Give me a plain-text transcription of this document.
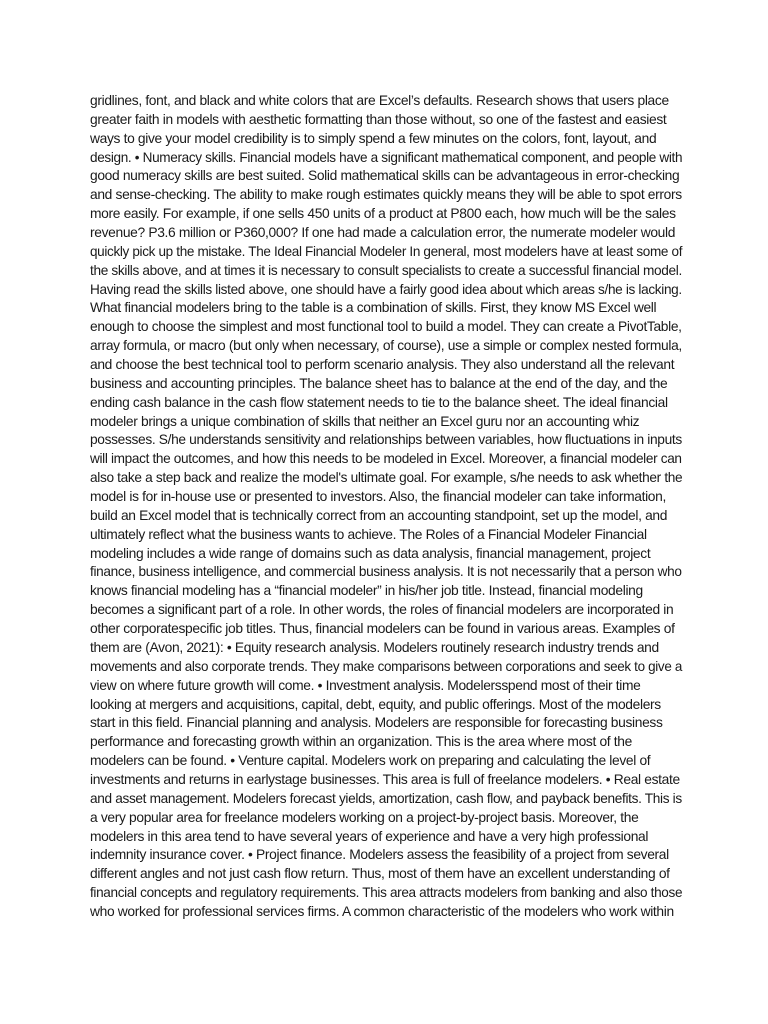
gridlines, font, and black and white colors that are Excel’s defaults. Research shows that users place
greater faith in models with aesthetic formatting than those without, so one of the fastest and easiest
ways to give your model credibility is to simply spend a few minutes on the colors, font, layout, and
design. • Numeracy skills. Financial models have a significant mathematical component, and people with
good numeracy skills are best suited. Solid mathematical skills can be advantageous in error-checking
and sense-checking. The ability to make rough estimates quickly means they will be able to spot errors
more easily. For example, if one sells 450 units of a product at P800 each, how much will be the sales
revenue? P3.6 million or P360,000? If one had made a calculation error, the numerate modeler would
quickly pick up the mistake. The Ideal Financial Modeler In general, most modelers have at least some of
the skills above, and at times it is necessary to consult specialists to create a successful financial model.
Having read the skills listed above, one should have a fairly good idea about which areas s/he is lacking.
What financial modelers bring to the table is a combination of skills. First, they know MS Excel well
enough to choose the simplest and most functional tool to build a model. They can create a PivotTable,
array formula, or macro (but only when necessary, of course), use a simple or complex nested formula,
and choose the best technical tool to perform scenario analysis. They also understand all the relevant
business and accounting principles. The balance sheet has to balance at the end of the day, and the
ending cash balance in the cash flow statement needs to tie to the balance sheet. The ideal financial
modeler brings a unique combination of skills that neither an Excel guru nor an accounting whiz
possesses. S/he understands sensitivity and relationships between variables, how fluctuations in inputs
will impact the outcomes, and how this needs to be modeled in Excel. Moreover, a financial modeler can
also take a step back and realize the model's ultimate goal. For example, s/he needs to ask whether the
model is for in-house use or presented to investors. Also, the financial modeler can take information,
build an Excel model that is technically correct from an accounting standpoint, set up the model, and
ultimately reflect what the business wants to achieve. The Roles of a Financial Modeler Financial
modeling includes a wide range of domains such as data analysis, financial management, project
finance, business intelligence, and commercial business analysis. It is not necessarily that a person who
knows financial modeling has a “financial modeler” in his/her job title. Instead, financial modeling
becomes a significant part of a role. In other words, the roles of financial modelers are incorporated in
other corporatespecific job titles. Thus, financial modelers can be found in various areas. Examples of
them are (Avon, 2021): • Equity research analysis. Modelers routinely research industry trends and
movements and also corporate trends. They make comparisons between corporations and seek to give a
view on where future growth will come. • Investment analysis. Modelersspend most of their time
looking at mergers and acquisitions, capital, debt, equity, and public offerings. Most of the modelers
start in this field. Financial planning and analysis. Modelers are responsible for forecasting business
performance and forecasting growth within an organization. This is the area where most of the
modelers can be found. • Venture capital. Modelers work on preparing and calculating the level of
investments and returns in earlystage businesses. This area is full of freelance modelers. • Real estate
and asset management. Modelers forecast yields, amortization, cash flow, and payback benefits. This is
a very popular area for freelance modelers working on a project-by-project basis. Moreover, the
modelers in this area tend to have several years of experience and have a very high professional
indemnity insurance cover. • Project finance. Modelers assess the feasibility of a project from several
different angles and not just cash flow return. Thus, most of them have an excellent understanding of
financial concepts and regulatory requirements. This area attracts modelers from banking and also those
who worked for professional services firms. A common characteristic of the modelers who work within
